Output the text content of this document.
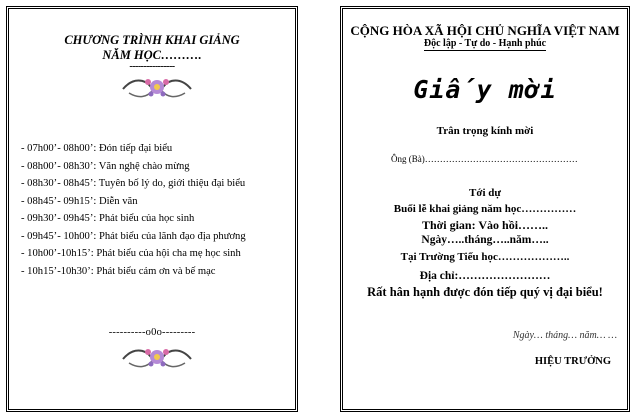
CHƯƠNG TRÌNH KHAI GIẢNG
NĂM HỌC……….
----------------
- 07h00’- 08h00’: Đón tiếp đại biểu
- 08h00’- 08h30’: Văn nghệ chào mừng
- 08h30’- 08h45’: Tuyên bố lý do, giới thiệu đại biểu
- 08h45’- 09h15’: Diễn văn
- 09h30’- 09h45’: Phát biểu của học sinh
- 09h45’- 10h00’: Phát biểu của lãnh đạo địa phương
- 10h00’-10h15’: Phát biểu của hội cha mẹ học sinh
- 10h15’-10h30’: Phát biểu cảm ơn và bế mạc
----------o0o---------
CỘNG HÒA XÃ HỘI CHỦ NGHĨA VIỆT NAM
Độc lập - Tự do - Hạnh phúc
Giấy mời
Trân trọng kính mời
Ông (Bà)……………………………………………
Tới dự
Buổi lễ khai giảng năm học……………
Thời gian: Vào hồi……..
Ngày…..tháng…..năm…..
Tại Trường Tiểu học………………..
Địa chỉ:……………………
Rất hân hạnh được đón tiếp quý vị đại biểu!
Ngày… tháng… năm… …
HIỆU TRƯỞNG
